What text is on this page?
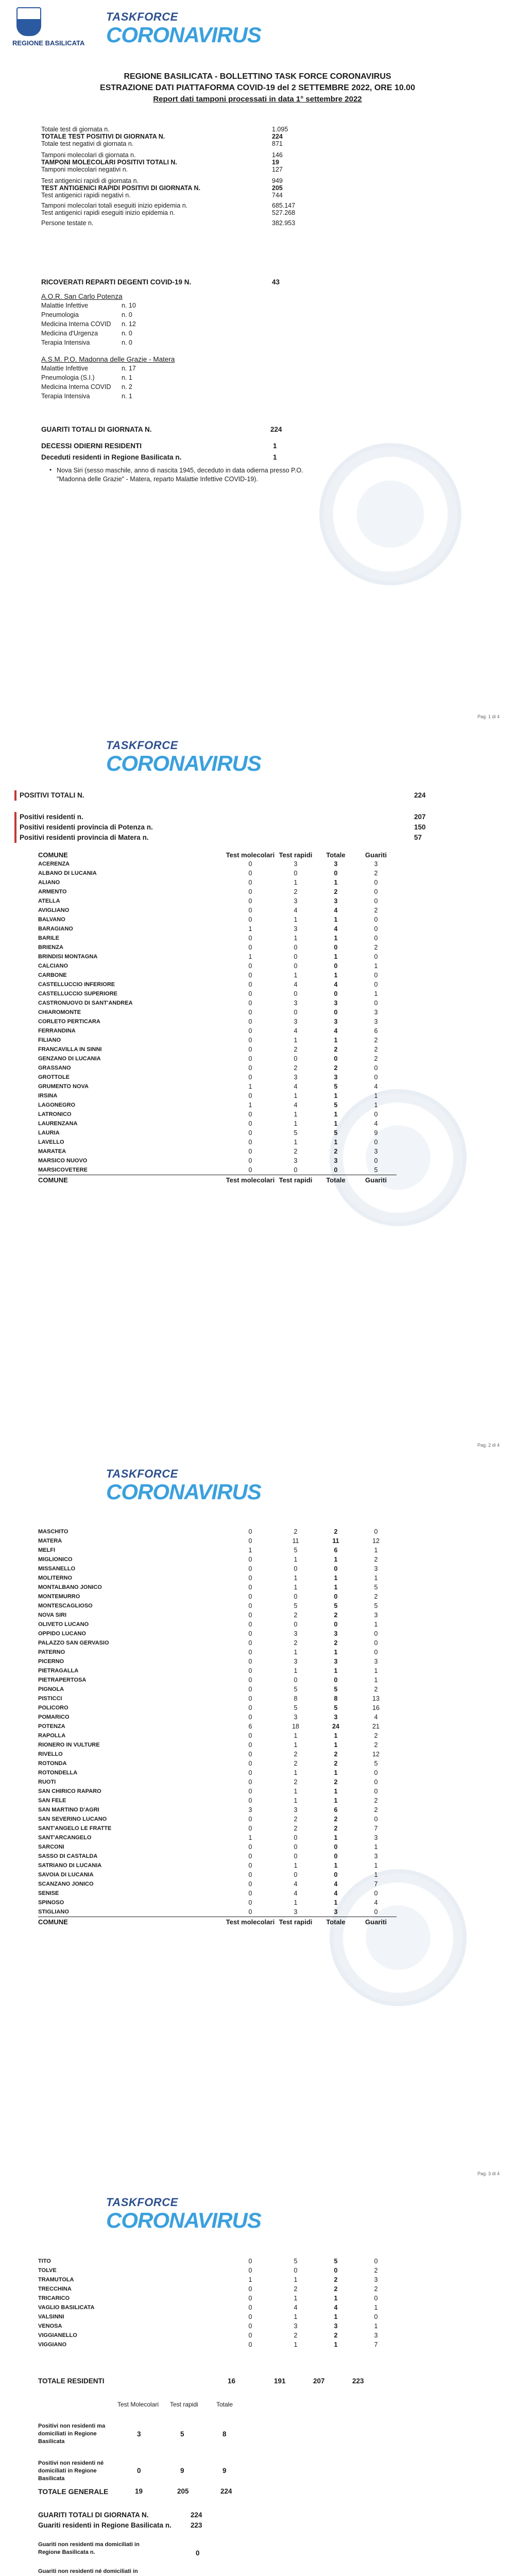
REGIONE BASILICATA
TASKFORCE
CORONAVIRUS
REGIONE BASILICATA - BOLLETTINO TASK FORCE CORONAVIRUS
ESTRAZIONE DATI PIATTAFORMA COVID-19 del 2 SETTEMBRE 2022, ORE 10.00
Report dati tamponi processati in data 1° settembre 2022
Totale test di giornata n.	1.095
TOTALE TEST POSITIVI DI GIORNATA N.	224
Totale test negativi di giornata n.	871
Tamponi molecolari di giornata n.	146
TAMPONI MOLECOLARI POSITIVI TOTALI N.	19
Tamponi molecolari negativi n.	127
Test antigenici rapidi di giornata n.	949
TEST ANTIGENICI RAPIDI POSITIVI DI GIORNATA N.	205
Test antigenici rapidi negativi n.	744
Tamponi molecolari totali eseguiti inizio epidemia n.	685.147
Test antigenici rapidi eseguiti inizio epidemia n.	527.268
Persone testate n.	382.953
RICOVERATI REPARTI DEGENTI COVID-19 N.	43
A.O.R. San Carlo Potenza
Malattie Infettive	n. 10
Pneumologia	n. 0
Medicina Interna COVID n. 12
Medicina d'Urgenza	n. 0
Terapia Intensiva	n. 0
A.S.M. P.O. Madonna delle Grazie - Matera
Malattie Infettive	n. 17
Pneumologia (S.I.)	n. 1
Medicina Interna COVID n. 2
Terapia Intensiva	n. 1
GUARITI TOTALI DI GIORNATA N.	224
DECESSI ODIERNI RESIDENTI	1
Deceduti residenti in Regione Basilicata n.	1
Nova Siri (sesso maschile, anno di nascita 1945, deceduto in data odierna presso P.O. "Madonna delle Grazie" - Matera, reparto Malattie Infettive COVID-19).
•
Pag. 1 di 4
TASKFORCE
CORONAVIRUS
POSITIVI TOTALI N.	224
Positivi residenti n.	207
Positivi residenti provincia di Potenza n.	150
Positivi residenti provincia di Matera n.	57
COMUNE	Test molecolari	Test rapidi	Totale	Guariti
ACERENZA	0	3	3	3
ALBANO DI LUCANIA	0	0	0	2
ALIANO	0	1	1	0
ARMENTO	0	2	2	0
ATELLA	0	3	3	0
AVIGLIANO	0	4	4	2
BALVANO	0	1	1	0
BARAGIANO	1	3	4	0
BARILE	0	1	1	0
BRIENZA	0	0	0	2
BRINDISI MONTAGNA	1	0	1	0
CALCIANO	0	0	0	1
CARBONE	0	1	1	0
CASTELLUCCIO INFERIORE	0	4	4	0
CASTELLUCCIO SUPERIORE	0	0	0	1
CASTRONUOVO DI SANT'ANDREA	0	3	3	0
CHIAROMONTE	0	0	0	3
CORLETO PERTICARA	0	3	3	3
FERRANDINA	0	4	4	6
FILIANO	0	1	1	2
FRANCAVILLA IN SINNI	0	2	2	2
GENZANO DI LUCANIA	0	0	0	2
GRASSANO	0	2	2	0
GROTTOLE	0	3	3	0
GRUMENTO NOVA	1	4	5	4
IRSINA	0	1	1	1
LAGONEGRO	1	4	5	1
LATRONICO	0	1	1	0
LAURENZANA	0	1	1	4
LAURIA	0	5	5	9
LAVELLO	0	1	1	0
MARATEA	0	2	2	3
MARSICO NUOVO	0	3	3	0
MARSICOVETERE	0	0	0	5
COMUNE	Test molecolari	Test rapidi	Totale	Guariti
Pag. 2 di 4
TASKFORCE
CORONAVIRUS
MASCHITO	0	2	2	0
MATERA	0	11	11	12
MELFI	1	5	6	1
MIGLIONICO	0	1	1	2
MISSANELLO	0	0	0	3
MOLITERNO	0	1	1	1
MONTALBANO JONICO	0	1	1	5
MONTEMURRO	0	0	0	2
MONTESCAGLIOSO	0	5	5	5
NOVA SIRI	0	2	2	3
OLIVETO LUCANO	0	0	0	1
OPPIDO LUCANO	0	3	3	0
PALAZZO SAN GERVASIO	0	2	2	0
PATERNO	0	1	1	0
PICERNO	0	3	3	3
PIETRAGALLA	0	1	1	1
PIETRAPERTOSA	0	0	0	1
PIGNOLA	0	5	5	2
PISTICCI	0	8	8	13
POLICORO	0	5	5	16
POMARICO	0	3	3	4
POTENZA	6	18	24	21
RAPOLLA	0	1	1	2
RIONERO IN VULTURE	0	1	1	2
RIVELLO	0	2	2	12
ROTONDA	0	2	2	5
ROTONDELLA	0	1	1	0
RUOTI	0	2	2	0
SAN CHIRICO RAPARO	0	1	1	0
SAN FELE	0	1	1	2
SAN MARTINO D'AGRI	3	3	6	2
SAN SEVERINO LUCANO	0	2	2	0
SANT'ANGELO LE FRATTE	0	2	2	7
SANT'ARCANGELO	1	0	1	3
SARCONI	0	0	0	1
SASSO DI CASTALDA	0	0	0	3
SATRIANO DI LUCANIA	0	1	1	1
SAVOIA DI LUCANIA	0	0	0	1
SCANZANO JONICO	0	4	4	7
SENISE	0	4	4	0
SPINOSO	0	1	1	4
STIGLIANO	0	3	3	0
COMUNE	Test molecolari	Test rapidi	Totale	Guariti
Pag. 3 di 4
TASKFORCE
CORONAVIRUS
TITO	0	5	5	0
TOLVE	0	0	0	2
TRAMUTOLA	1	1	2	3
TRECCHINA	0	2	2	2
TRICARICO	0	1	1	0
VAGLIO BASILICATA	0	4	4	1
VALSINNI	0	1	1	0
VENOSA	0	3	3	1
VIGGIANELLO	0	2	2	3
VIGGIANO	0	1	1	7
TOTALE RESIDENTI	16	191	207	223
Test Molecolari Test rapidi	Totale
Positivi non residenti ma domiciliati in Regione Basilicata
3	5	8
Positivi non residenti né domiciliati in Regione Basilicata
0	9	9
TOTALE GENERALE	19	205	224
GUARITI TOTALI DI GIORNATA N.	224
Guariti residenti in Regione Basilicata n.	223
Guariti non residenti ma domiciliati in Regione Basilicata n.	0
Guariti non residenti né domiciliati in
